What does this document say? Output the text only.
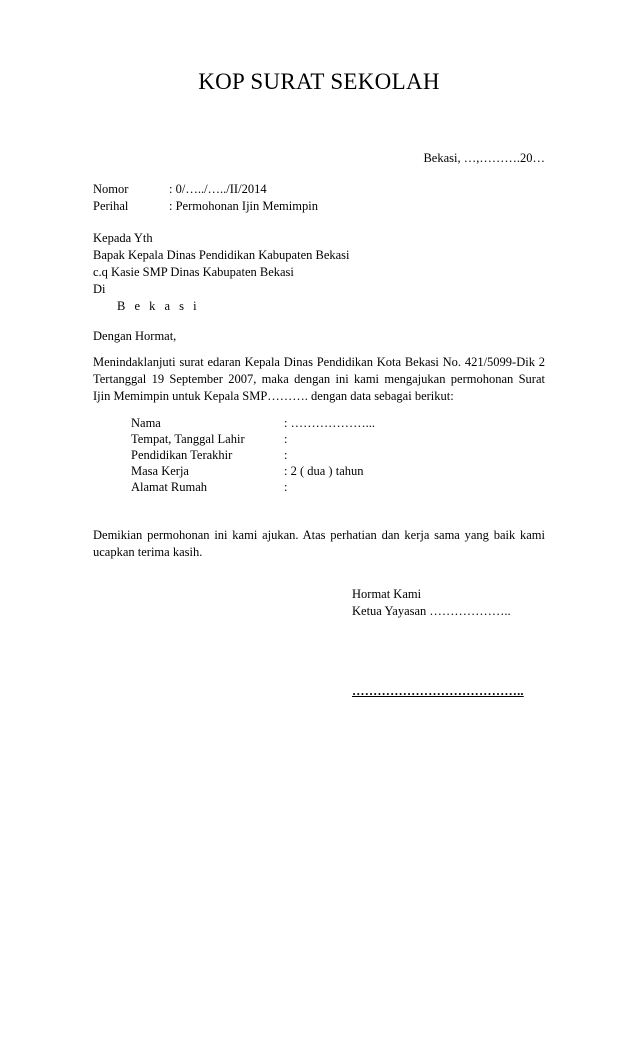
KOP SURAT SEKOLAH
Bekasi, …,……….20…
Nomor	: 0/…../…../II/2014
Perihal	: Permohonan Ijin Memimpin
Kepada Yth
Bapak Kepala Dinas Pendidikan Kabupaten Bekasi
c.q Kasie SMP Dinas Kabupaten Bekasi
Di
B e k a s i
Dengan Hormat,
Menindaklanjuti surat edaran Kepala Dinas Pendidikan Kota Bekasi No. 421/5099-Dik 2
Tertanggal 19 September 2007, maka dengan ini kami mengajukan permohonan Surat
Ijin Memimpin untuk Kepala SMP………. dengan data sebagai berikut:
Nama	: ………………...
Tempat, Tanggal Lahir	:
Pendidikan Terakhir	:
Masa Kerja	: 2 ( dua ) tahun
Alamat Rumah	:
Demikian permohonan ini kami ajukan. Atas perhatian dan kerja sama yang baik kami
ucapkan terima kasih.
Hormat Kami
Ketua Yayasan ………………..
…………………………………..
